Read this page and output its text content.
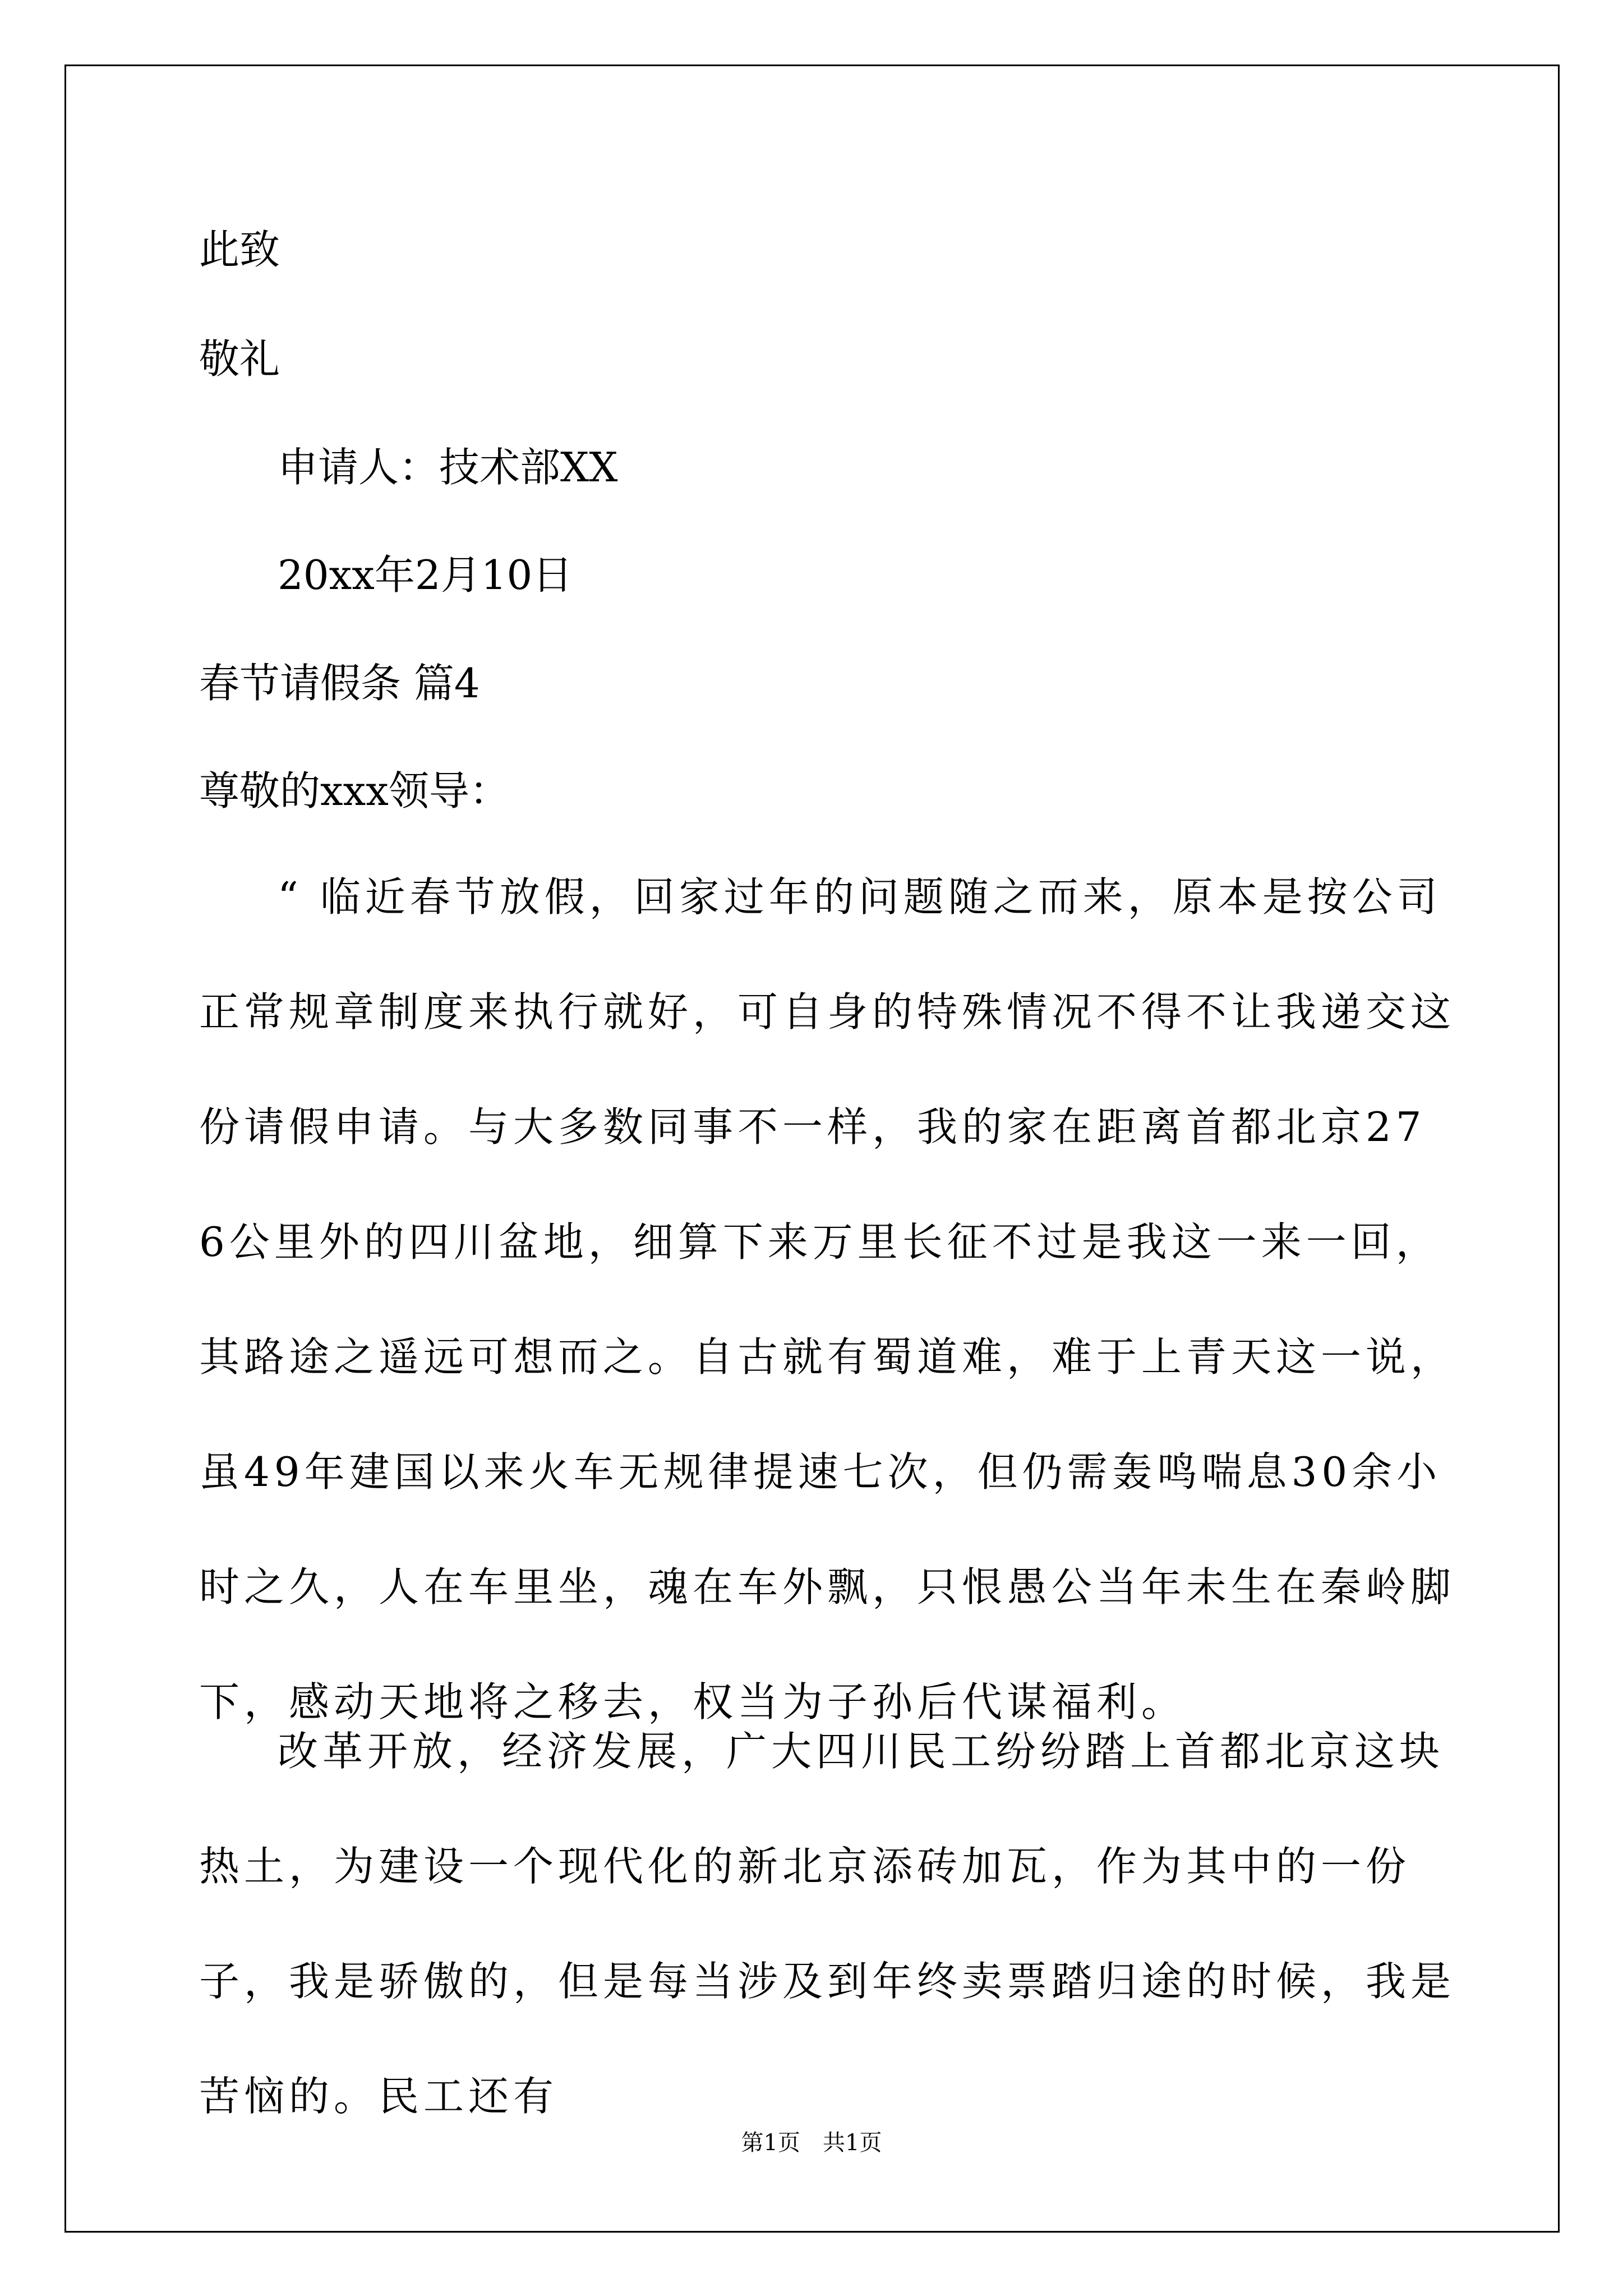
此致
敬礼
申请人：技术部XX
20xx年2月10日
春节请假条 篇4
尊敬的xxx领导：
“ 临近春节放假，回家过年的问题随之而来，原本是按公司正常规章制度来执行就好，可自身的特殊情况不得不让我递交这份请假申请。与大多数同事不一样，我的家在距离首都北京27 6公里外的四川盆地，细算下来万里长征不过是我这一来一回，其路途之遥远可想而之。自古就有蜀道难，难于上青天这一说，虽49年建国以来火车无规律提速七次，但仍需轰鸣喘息30余小时之久，人在车里坐，魂在车外飘，只恨愚公当年未生在秦岭脚下，感动天地将之移去，权当为子孙后代谋福利。
改革开放，经济发展，广大四川民工纷纷踏上首都北京这块热土，为建设一个现代化的新北京添砖加瓦，作为其中的一份子，我是骄傲的，但是每当涉及到年终卖票踏归途的时候，我是苦恼的。民工还有
第1页　共1页
